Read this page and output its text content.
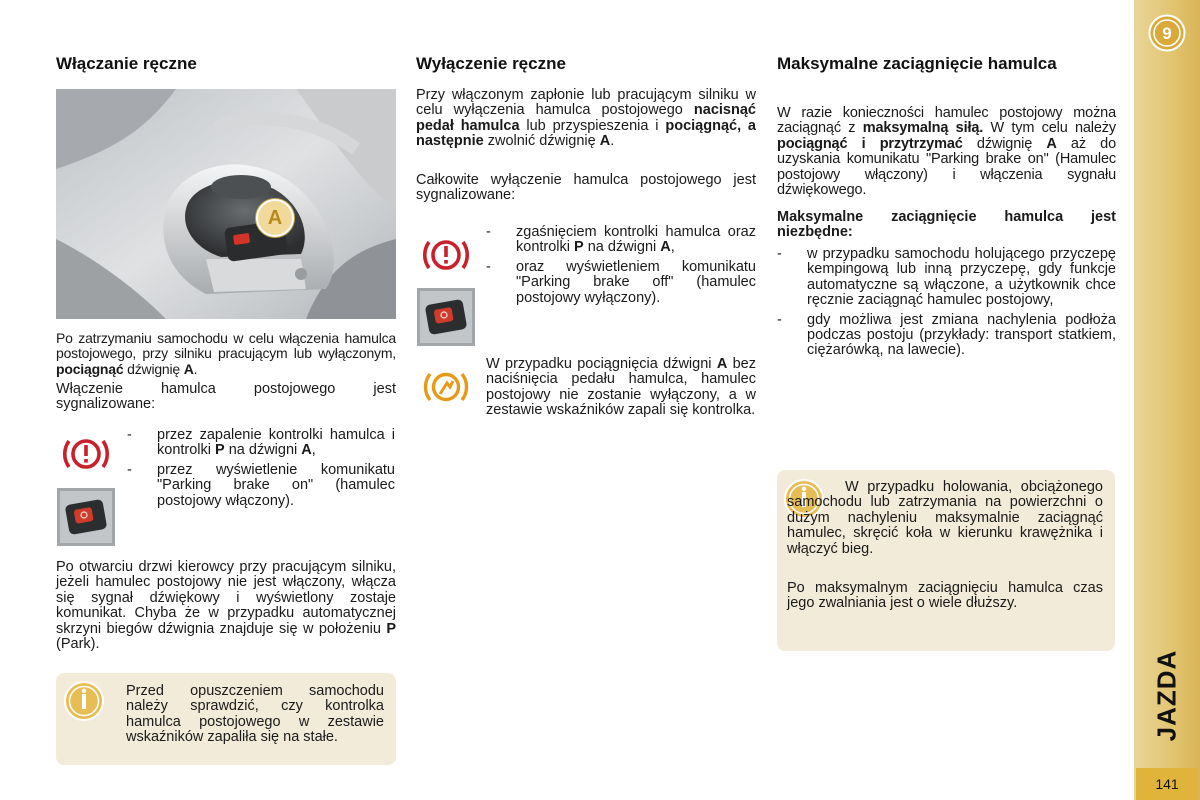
9
JAZDA
141
Włączanie ręczne
A

Po zatrzymaniu samochodu w celu włączenia hamulca postojowego, przy silniku pracującym lub wyłączonym, pociągnąć dźwignię A.

Włączenie hamulca postojowego jest sygnalizowane:

-	przez zapalenie kontrolki hamulca i kontrolki P na dźwigni A,
-	przez wyświetlenie komunikatu "Parking brake on" (hamulec postojowy włączony).

Po otwarciu drzwi kierowcy przy pracującym silniku, jeżeli hamulec postojowy nie jest włączony, włącza się sygnał dźwiękowy i wyświetlony zostaje komunikat. Chyba że w przypadku automatycznej skrzyni biegów dźwignia znajduje się w położeniu P (Park).

Przed opuszczeniem samochodu należy sprawdzić, czy kontrolka hamulca postojowego w zestawie wskaźników zapaliła się na stałe.

Wyłączenie ręczne

Przy włączonym zapłonie lub pracującym silniku w celu wyłączenia hamulca postojowego nacisnąć pedał hamulca lub przyspieszenia i pociągnąć, a następnie zwolnić dźwignię A.

Całkowite wyłączenie hamulca postojowego jest sygnalizowane:

-	zgaśnięciem kontrolki hamulca oraz kontrolki P na dźwigni A,
-	oraz wyświetleniem komunikatu "Parking brake off" (hamulec postojowy wyłączony).

W przypadku pociągnięcia dźwigni A bez naciśnięcia pedału hamulca, hamulec postojowy nie zostanie wyłączony, a w zestawie wskaźników zapali się kontrolka.

Maksymalne zaciągnięcie hamulca

W razie konieczności hamulec postojowy można zaciągnąć z maksymalną siłą. W tym celu należy pociągnąć i przytrzymać dźwignię A aż do uzyskania komunikatu "Parking brake on" (Hamulec postojowy włączony) i włączenia sygnału dźwiękowego.

Maksymalne zaciągnięcie hamulca jest niezbędne:

-	w przypadku samochodu holującego przyczepę kempingową lub inną przyczepę, gdy funkcje automatyczne są włączone, a użytkownik chce ręcznie zaciągnąć hamulec postojowy,
-	gdy możliwa jest zmiana nachylenia podłoża podczas postoju (przykłady: transport statkiem, ciężarówką, na lawecie).

W przypadku holowania, obciążonego samochodu lub zatrzymania na powierzchni o dużym nachyleniu maksymalnie zaciągnąć hamulec, skręcić koła w kierunku krawężnika i włączyć bieg.

Po maksymalnym zaciągnięciu hamulca czas jego zwalniania jest o wiele dłuższy.
